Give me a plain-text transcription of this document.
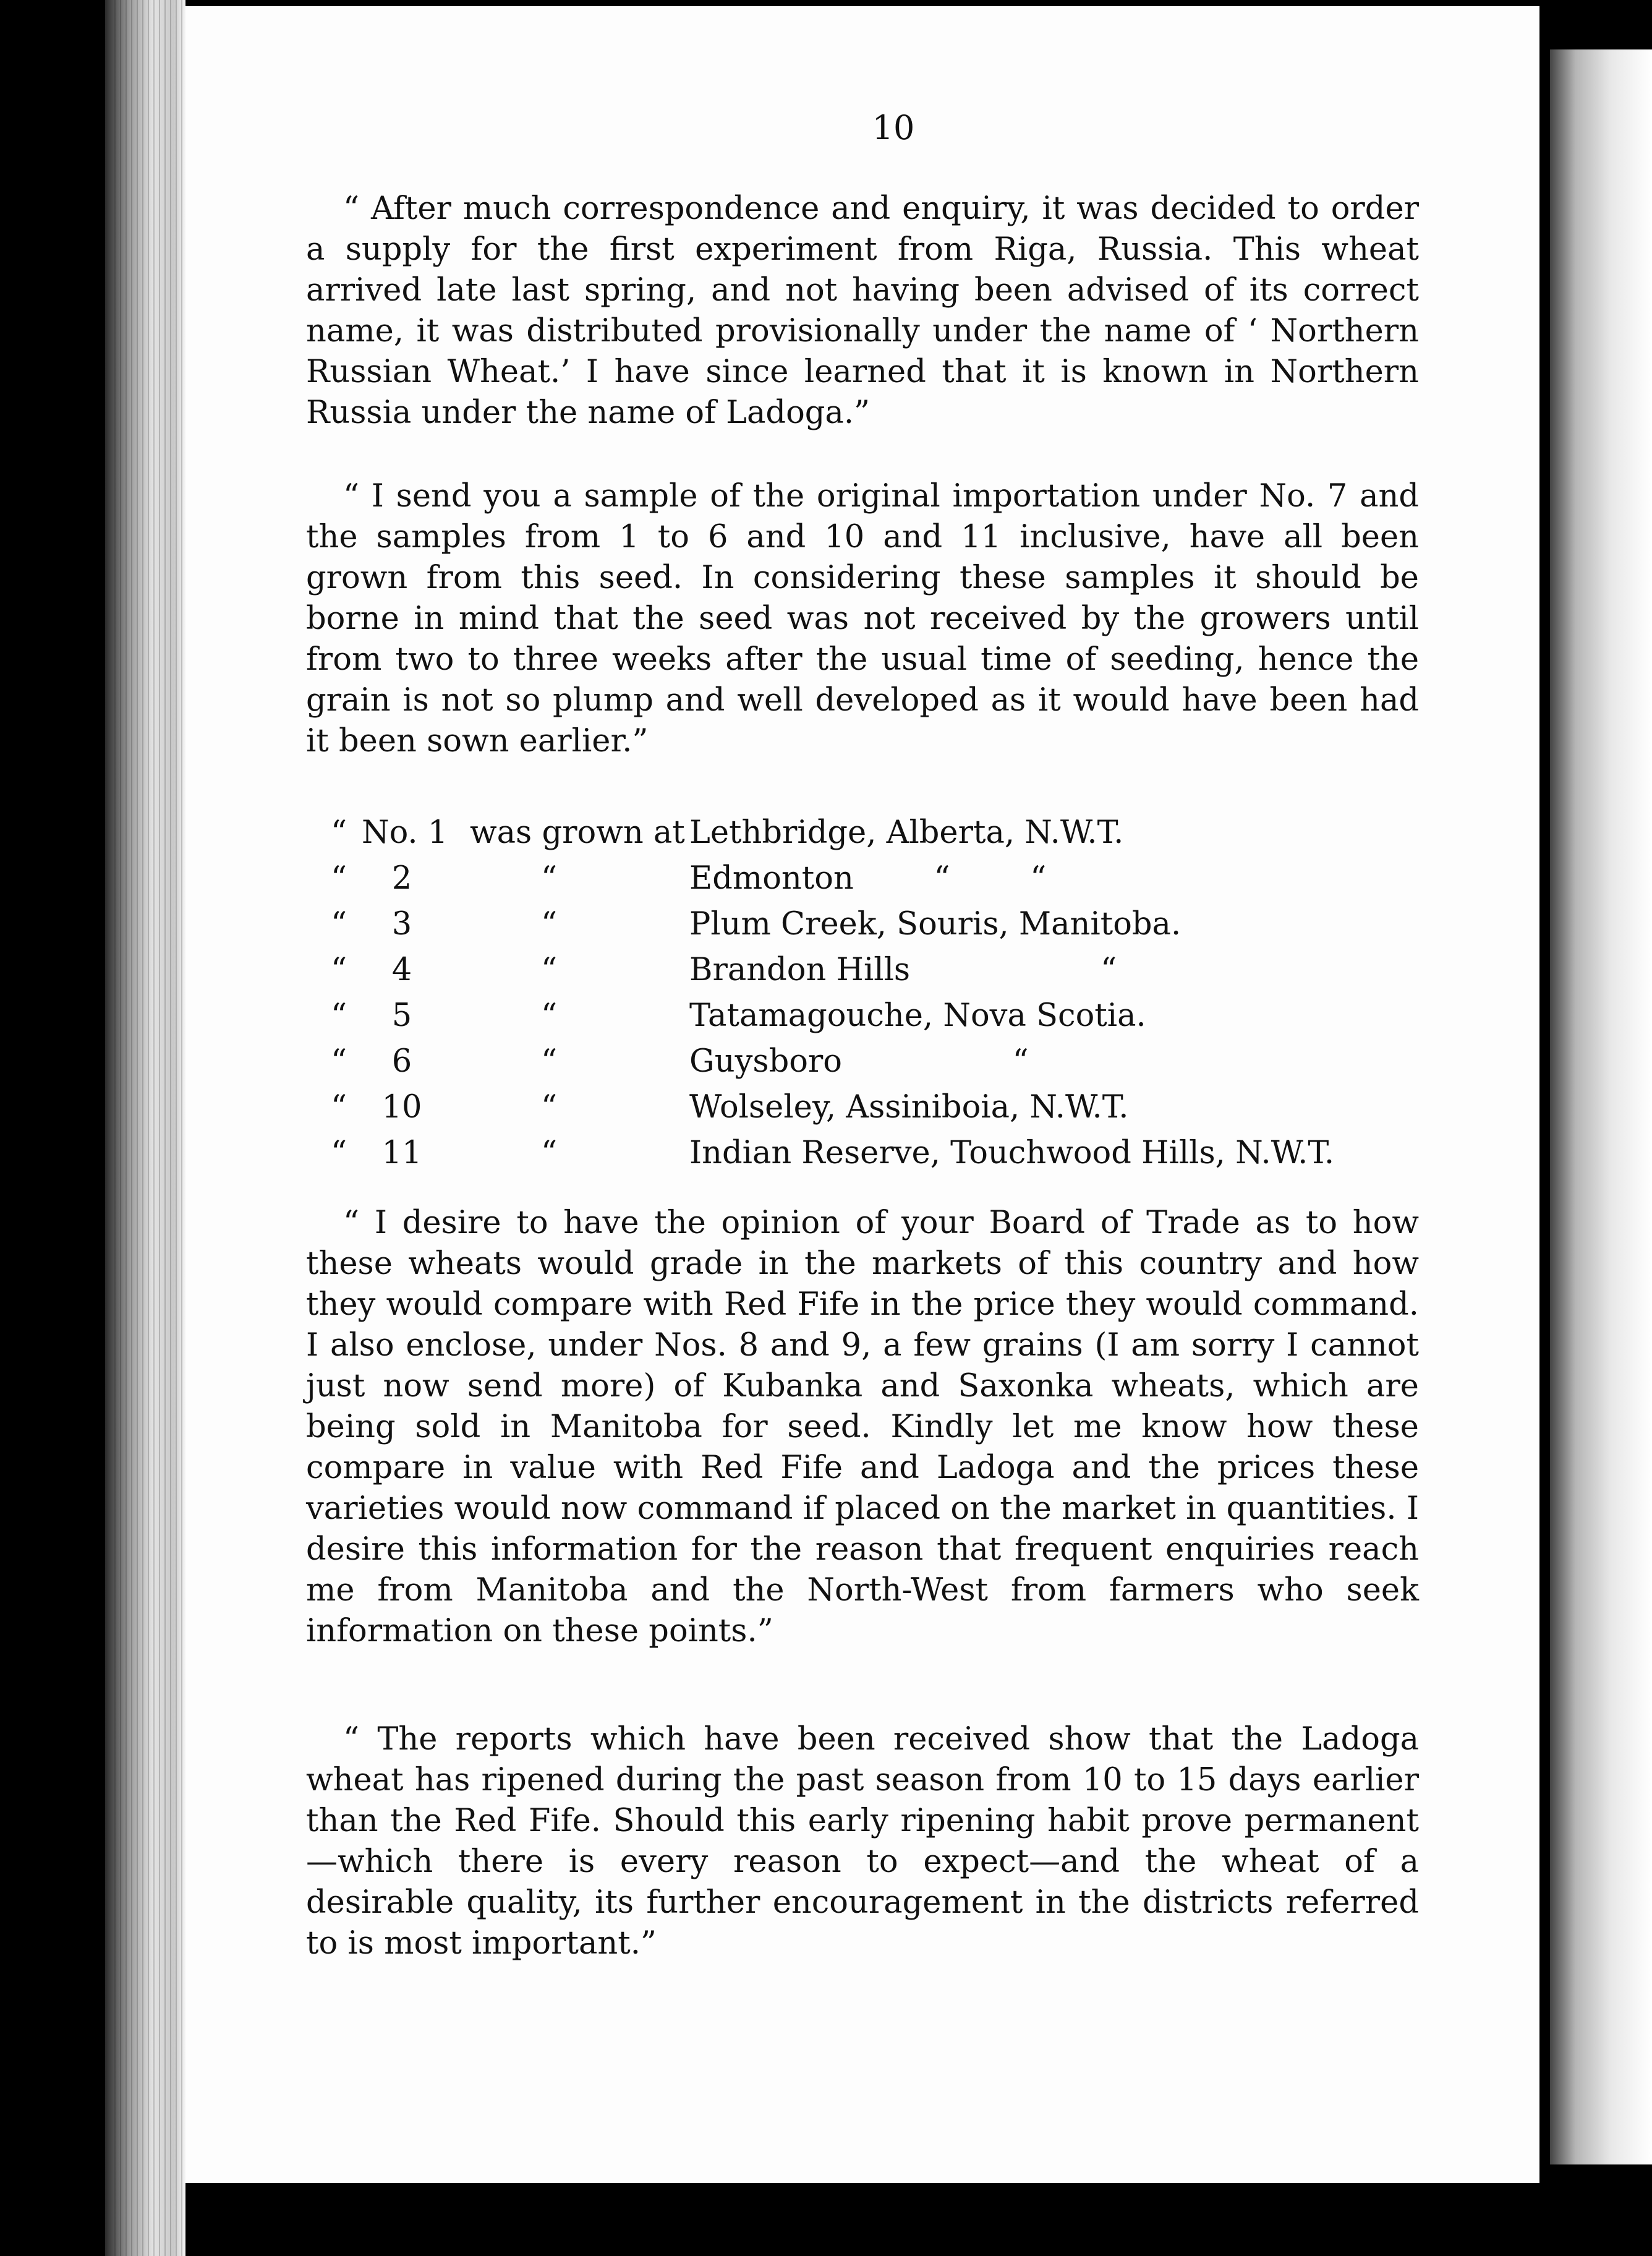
10

“ After much correspondence and enquiry, it was decided to order a supply for the first experiment from Riga, Russia. This wheat arrived late last spring, and not having been advised of its correct name, it was distributed provisionally under the name of ‘ Northern Russian Wheat.’ I have since learned that it is known in Northern Russia under the name of Ladoga.”

“ I send you a sample of the original importation under No. 7 and the samples from 1 to 6 and 10 and 11 inclusive, have all been grown from this seed. In considering these samples it should be borne in mind that the seed was not received by the growers until from two to three weeks after the usual time of seeding, hence the grain is not so plump and well developed as it would have been had it been sown earlier.”

“ No. 1 was grown at Lethbridge, Alberta, N.W.T.
“	2	“	Edmonton        “        “
“	3	“	Plum Creek, Souris, Manitoba.
“	4	“	Brandon Hills                   “
“	5	“	Tatamagouche, Nova Scotia.
“	6	“	Guysboro                 “
“ 10	“	Wolseley, Assiniboia, N.W.T.
“ 11	“	Indian Reserve, Touchwood Hills, N.W.T.

“ I desire to have the opinion of your Board of Trade as to how these wheats would grade in the markets of this country and how they would compare with Red Fife in the price they would command. I also enclose, under Nos. 8 and 9, a few grains (I am sorry I cannot just now send more) of Kubanka and Saxonka wheats, which are being sold in Manitoba for seed. Kindly let me know how these compare in value with Red Fife and Ladoga and the prices these varieties would now command if placed on the market in quantities. I desire this information for the reason that frequent enquiries reach me from Manitoba and the North-West from farmers who seek information on these points.”

“ The reports which have been received show that the Ladoga wheat has ripened during the past season from 10 to 15 days earlier than the Red Fife. Should this early ripening habit prove permanent—which there is every reason to expect—and the wheat of a desirable quality, its further encouragement in the districts referred to is most important.”
